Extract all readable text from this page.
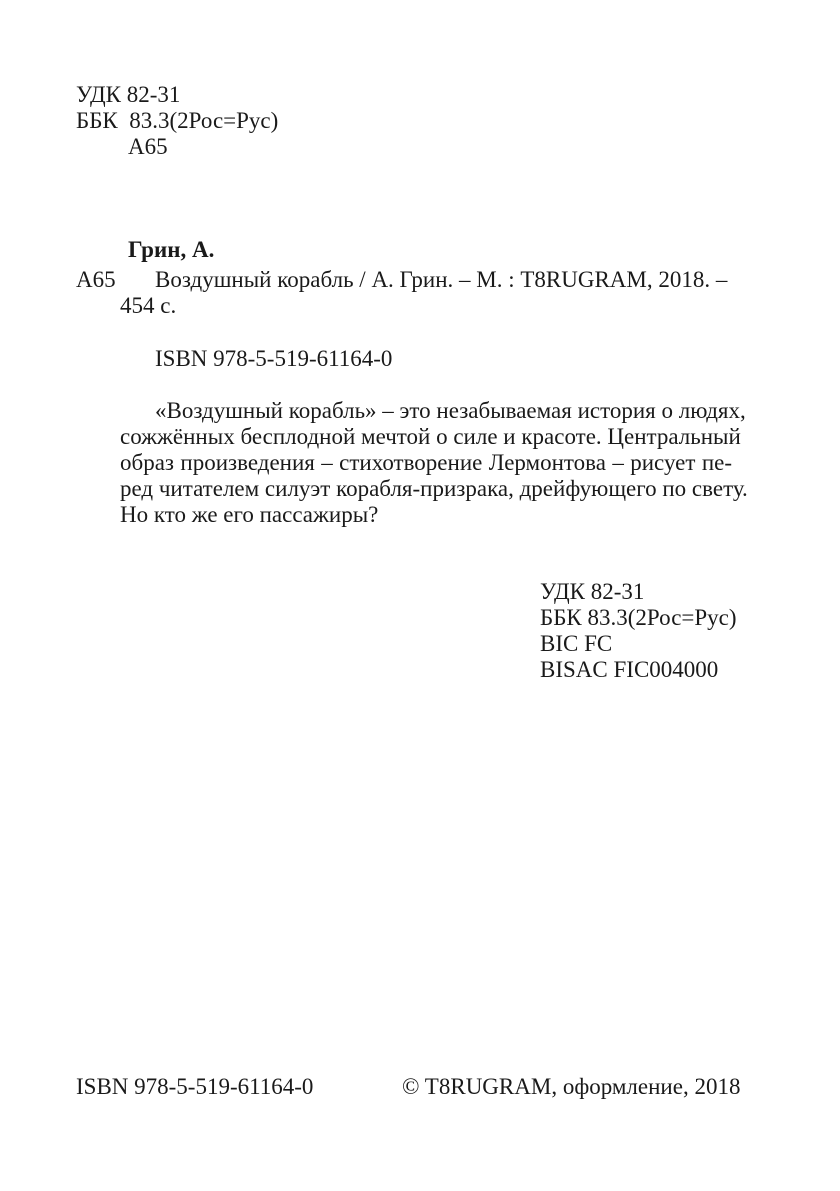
УДК 82-31
ББК  83.3(2Рос=Рус)
А65
Грин, А.
А65 Воздушный корабль / А. Грин. – М. : T8RUGRAM, 2018. –
454 с.
ISBN 978-5-519-61164-0
«Воздушный корабль» – это незабываемая история о людях,
сожжённых бесплодной мечтой о силе и красоте. Центральный
образ произведения – стихотворение Лермонтова – рисует пе-
ред читателем силуэт корабля-призрака, дрейфующего по свету.
Но кто же его пассажиры?
УДК 82-31
ББК 83.3(2Рос=Рус)
BIC FC
BISAC FIC004000
ISBN 978-5-519-61164-0	© T8RUGRAM, оформление, 2018
